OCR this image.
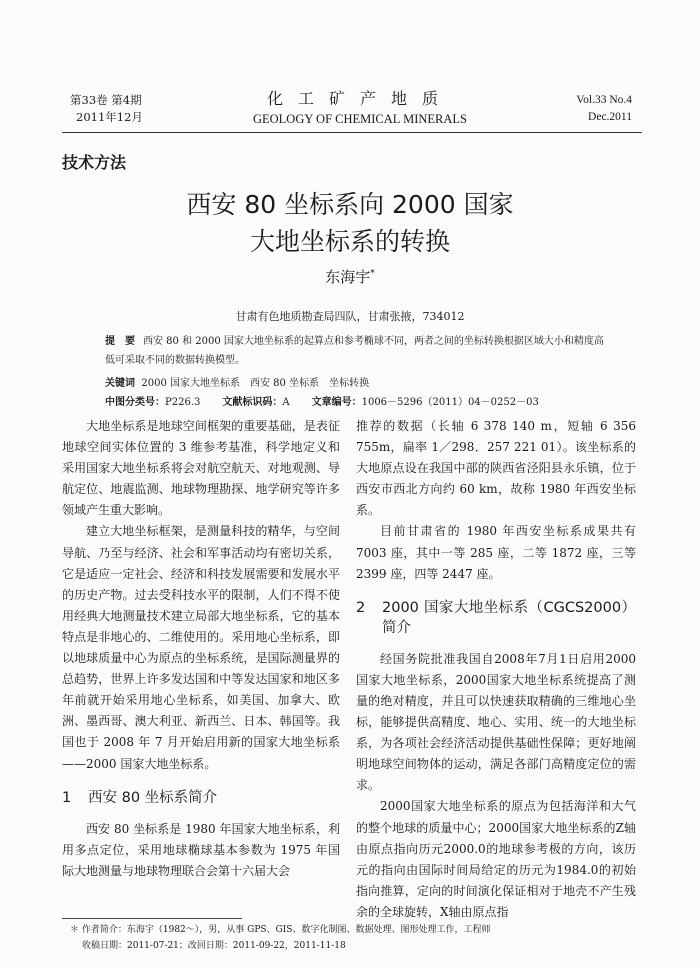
第33卷 第4期
2011年12月
化工矿产地质
GEOLOGY OF CHEMICAL MINERALS
Vol.33 No.4
Dec.2011
技术方法
西安 80 坐标系向 2000 国家
大地坐标系的转换
东海宇*
甘肃有色地质勘查局四队，甘肃张掖，734012
提　要 西安 80 和 2000 国家大地坐标系的起算点和参考椭球不同，两者之间的坐标转换根据区域大小和精度高低可采取不同的数据转换模型。
关键词 2000 国家大地坐标系　西安 80 坐标系　坐标转换
中图分类号：P226.3 文献标识码：A 文章编号：1006－5296（2011）04－0252－03

大地坐标系是地球空间框架的重要基础，是表征地球空间实体位置的 3 维参考基准，科学地定义和采用国家大地坐标系将会对航空航天、对地观测、导航定位、地震监测、地球物理勘探、地学研究等许多领域产生重大影响。

建立大地坐标框架，是测量科技的精华，与空间导航、乃至与经济、社会和军事活动均有密切关系，它是适应一定社会、经济和科技发展需要和发展水平的历史产物。过去受科技水平的限制，人们不得不使用经典大地测量技术建立局部大地坐标系，它的基本特点是非地心的、二维使用的。采用地心坐标系，即以地球质量中心为原点的坐标系统，是国际测量界的总趋势，世界上许多发达国和中等发达国家和地区多年前就开始采用地心坐标系，如美国、加拿大、欧洲、墨西哥、澳大利亚、新西兰、日本、韩国等。我国也于 2008 年 7 月开始启用新的国家大地坐标系——2000 国家大地坐标系。

1	西安 80 坐标系简介

西安 80 坐标系是 1980 年国家大地坐标系，利用多点定位，采用地球椭球基本参数为 1975 年国际大地测量与地球物理联合会第十六届大会

推荐的数据（长轴 6 378 140 m，短轴 6 356 755m，扁率 1／298．257 221 01）。该坐标系的大地原点设在我国中部的陕西省泾阳县永乐镇，位于西安市西北方向约 60 km，故称 1980 年西安坐标系。

目前甘肃省的 1980 年西安坐标系成果共有 7003 座，其中一等 285 座，二等 1872 座，三等 2399 座，四等 2447 座。

2	2000 国家大地坐标系（CGCS2000）简介

经国务院批准我国自2008年7月1日启用2000国家大地坐标系，2000国家大地坐标系统提高了测量的绝对精度，并且可以快速获取精确的三维地心坐标，能够提供高精度、地心、实用、统一的大地坐标系，为各项社会经济活动提供基础性保障；更好地阐明地球空间物体的运动，满足各部门高精度定位的需求。

2000国家大地坐标系的原点为包括海洋和大气的整个地球的质量中心；2000国家大地坐标系的Z轴由原点指向历元2000.0的地球参考极的方向，该历元的指向由国际时间局给定的历元为1984.0的初始指向推算，定向的时间演化保证相对于地壳不产生残余的全球旋转，X轴由原点指

＊ 作者简介：东海宇（1982～），男，从事 GPS、GIS、数字化制图、数据处理、图形处理工作，工程师
收稿日期：2011-07-21；改回日期：2011-09-22，2011-11-18
